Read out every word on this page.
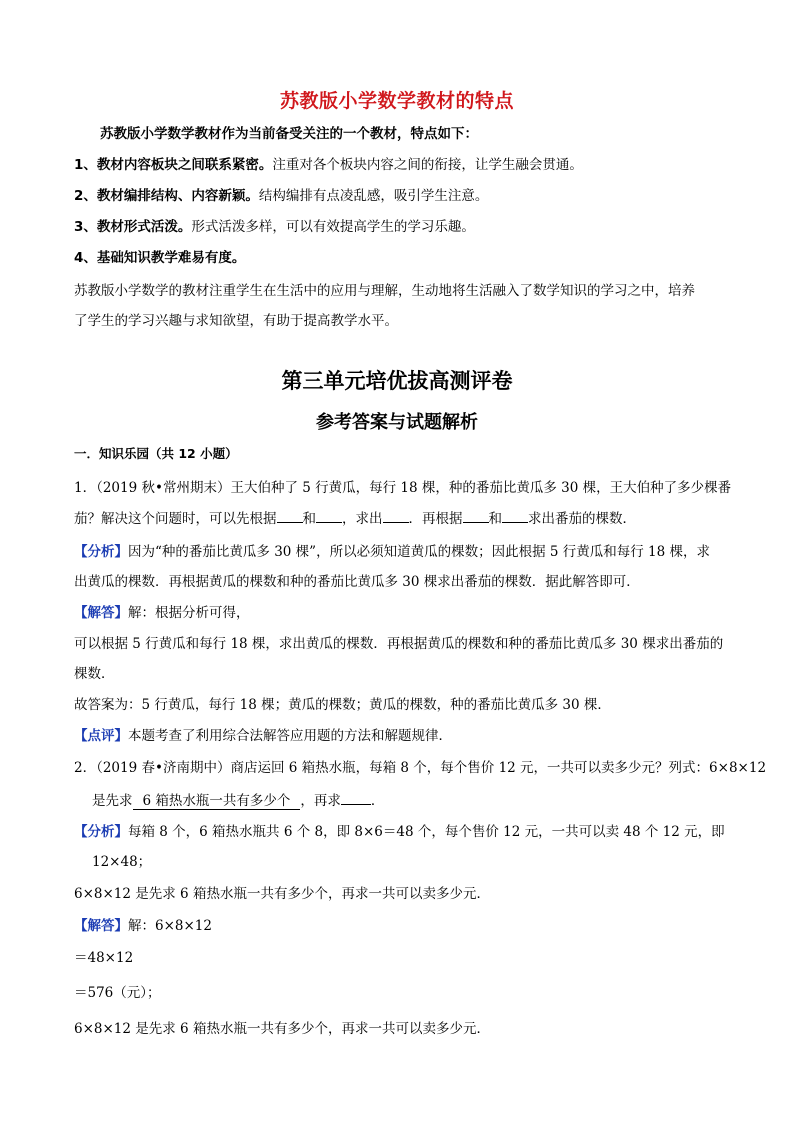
苏教版小学数学教材的特点
苏教版小学数学教材作为当前备受关注的一个教材，特点如下：
1、教材内容板块之间联系紧密。注重对各个板块内容之间的衔接，让学生融会贯通。
2、教材编排结构、内容新颖。结构编排有点凌乱感，吸引学生注意。
3、教材形式活泼。形式活泼多样，可以有效提高学生的学习乐趣。
4、基础知识教学难易有度。
苏教版小学数学的教材注重学生在生活中的应用与理解，生动地将生活融入了数学知识的学习之中，培养
了学生的学习兴趣与求知欲望，有助于提高教学水平。
第三单元培优拔高测评卷
参考答案与试题解析
一．知识乐园（共 12 小题）
1．（2019 秋•常州期末）王大伯种了 5 行黄瓜，每行 18 棵，种的番茄比黄瓜多 30 棵，王大伯种了多少棵番
茄？解决这个问题时，可以先根据 和 ，求出 ．再根据 和 求出番茄的棵数．
【分析】因为“种的番茄比黄瓜多 30 棵”，所以必须知道黄瓜的棵数；因此根据 5 行黄瓜和每行 18 棵，求
出黄瓜的棵数．再根据黄瓜的棵数和种的番茄比黄瓜多 30 棵求出番茄的棵数．据此解答即可．
【解答】解：根据分析可得，
可以根据 5 行黄瓜和每行 18 棵，求出黄瓜的棵数．再根据黄瓜的棵数和种的番茄比黄瓜多 30 棵求出番茄的
棵数．
故答案为：5 行黄瓜，每行 18 棵；黄瓜的棵数；黄瓜的棵数，种的番茄比黄瓜多 30 棵．
【点评】本题考查了利用综合法解答应用题的方法和解题规律．
2．（2019 春•济南期中）商店运回 6 箱热水瓶，每箱 8 个，每个售价 12 元，一共可以卖多少元？列式：6×8×12
是先求 6 箱热水瓶一共有多少个 ，再求 ．
【分析】每箱 8 个，6 箱热水瓶共 6 个 8，即 8×6＝48 个，每个售价 12 元，一共可以卖 48 个 12 元，即
12×48；
6×8×12 是先求 6 箱热水瓶一共有多少个，再求一共可以卖多少元．
【解答】解：6×8×12
＝48×12
＝576（元）；
6×8×12 是先求 6 箱热水瓶一共有多少个，再求一共可以卖多少元．
